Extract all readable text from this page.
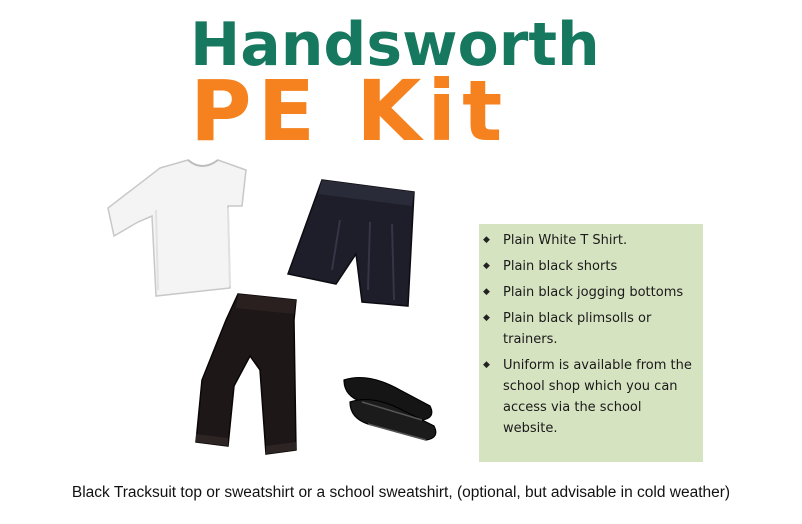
Handsworth
PE Kit
◆ Plain White T Shirt.
◆ Plain black shorts
◆ Plain black jogging bottoms
◆ Plain black plimsolls or trainers.
◆ Uniform is available from the school shop which you can access via the school website.
Black Tracksuit top or sweatshirt or a school sweatshirt, (optional, but advisable in cold weather)
